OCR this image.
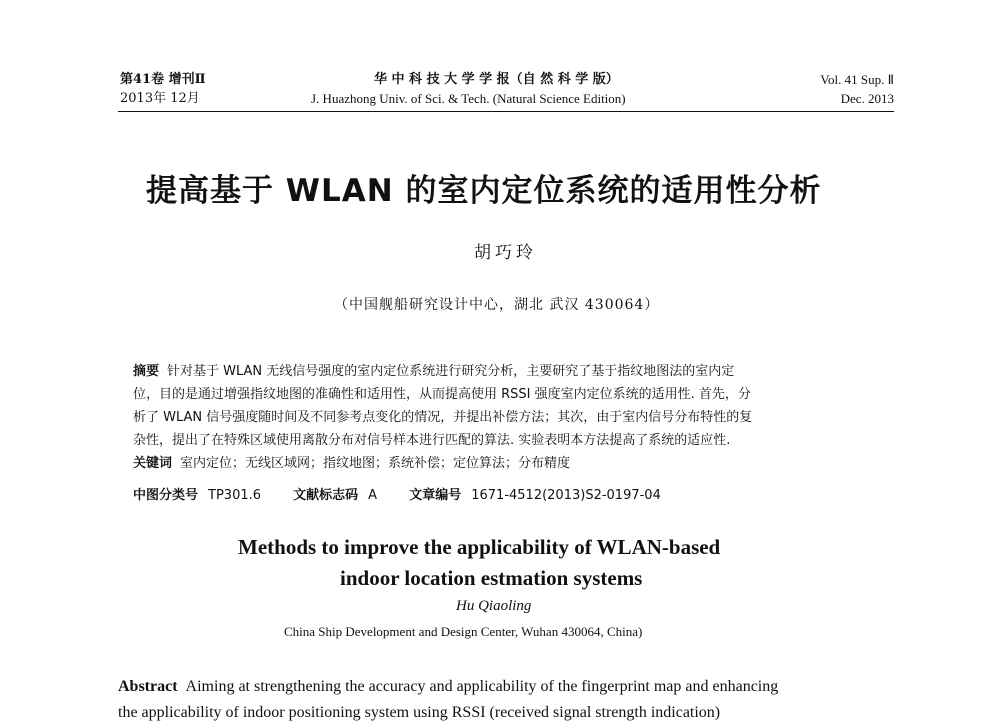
第41卷 增刊Ⅱ
2013年 12月
华 中 科 技 大 学 学 报（自 然 科 学 版）
J. Huazhong Univ. of Sci. & Tech. (Natural Science Edition)
Vol. 41 Sup. Ⅱ
Dec. 2013
提高基于 WLAN 的室内定位系统的适用性分析
胡巧玲
（中国舰船研究设计中心，湖北 武汉 430064）
摘要 针对基于 WLAN 无线信号强度的室内定位系统进行研究分析，主要研究了基于指纹地图法的室内定
位，目的是通过增强指纹地图的准确性和适用性，从而提高使用 RSSI 强度室内定位系统的适用性. 首先，分
析了 WLAN 信号强度随时间及不同参考点变化的情况，并提出补偿方法；其次，由于室内信号分布特性的复
杂性，提出了在特殊区域使用离散分布对信号样本进行匹配的算法. 实验表明本方法提高了系统的适应性.
关键词 室内定位；无线区域网；指纹地图；系统补偿；定位算法；分布精度
中图分类号 TP301.6 文献标志码 A 文章编号 1671-4512(2013)S2-0197-04
Methods to improve the applicability of WLAN-based
indoor location estmation systems
Hu Qiaoling
China Ship Development and Design Center, Wuhan 430064, China)
Abstract Aiming at strengthening the accuracy and applicability of the fingerprint map and enhancing
the applicability of indoor positioning system using RSSI (received signal strength indication)
